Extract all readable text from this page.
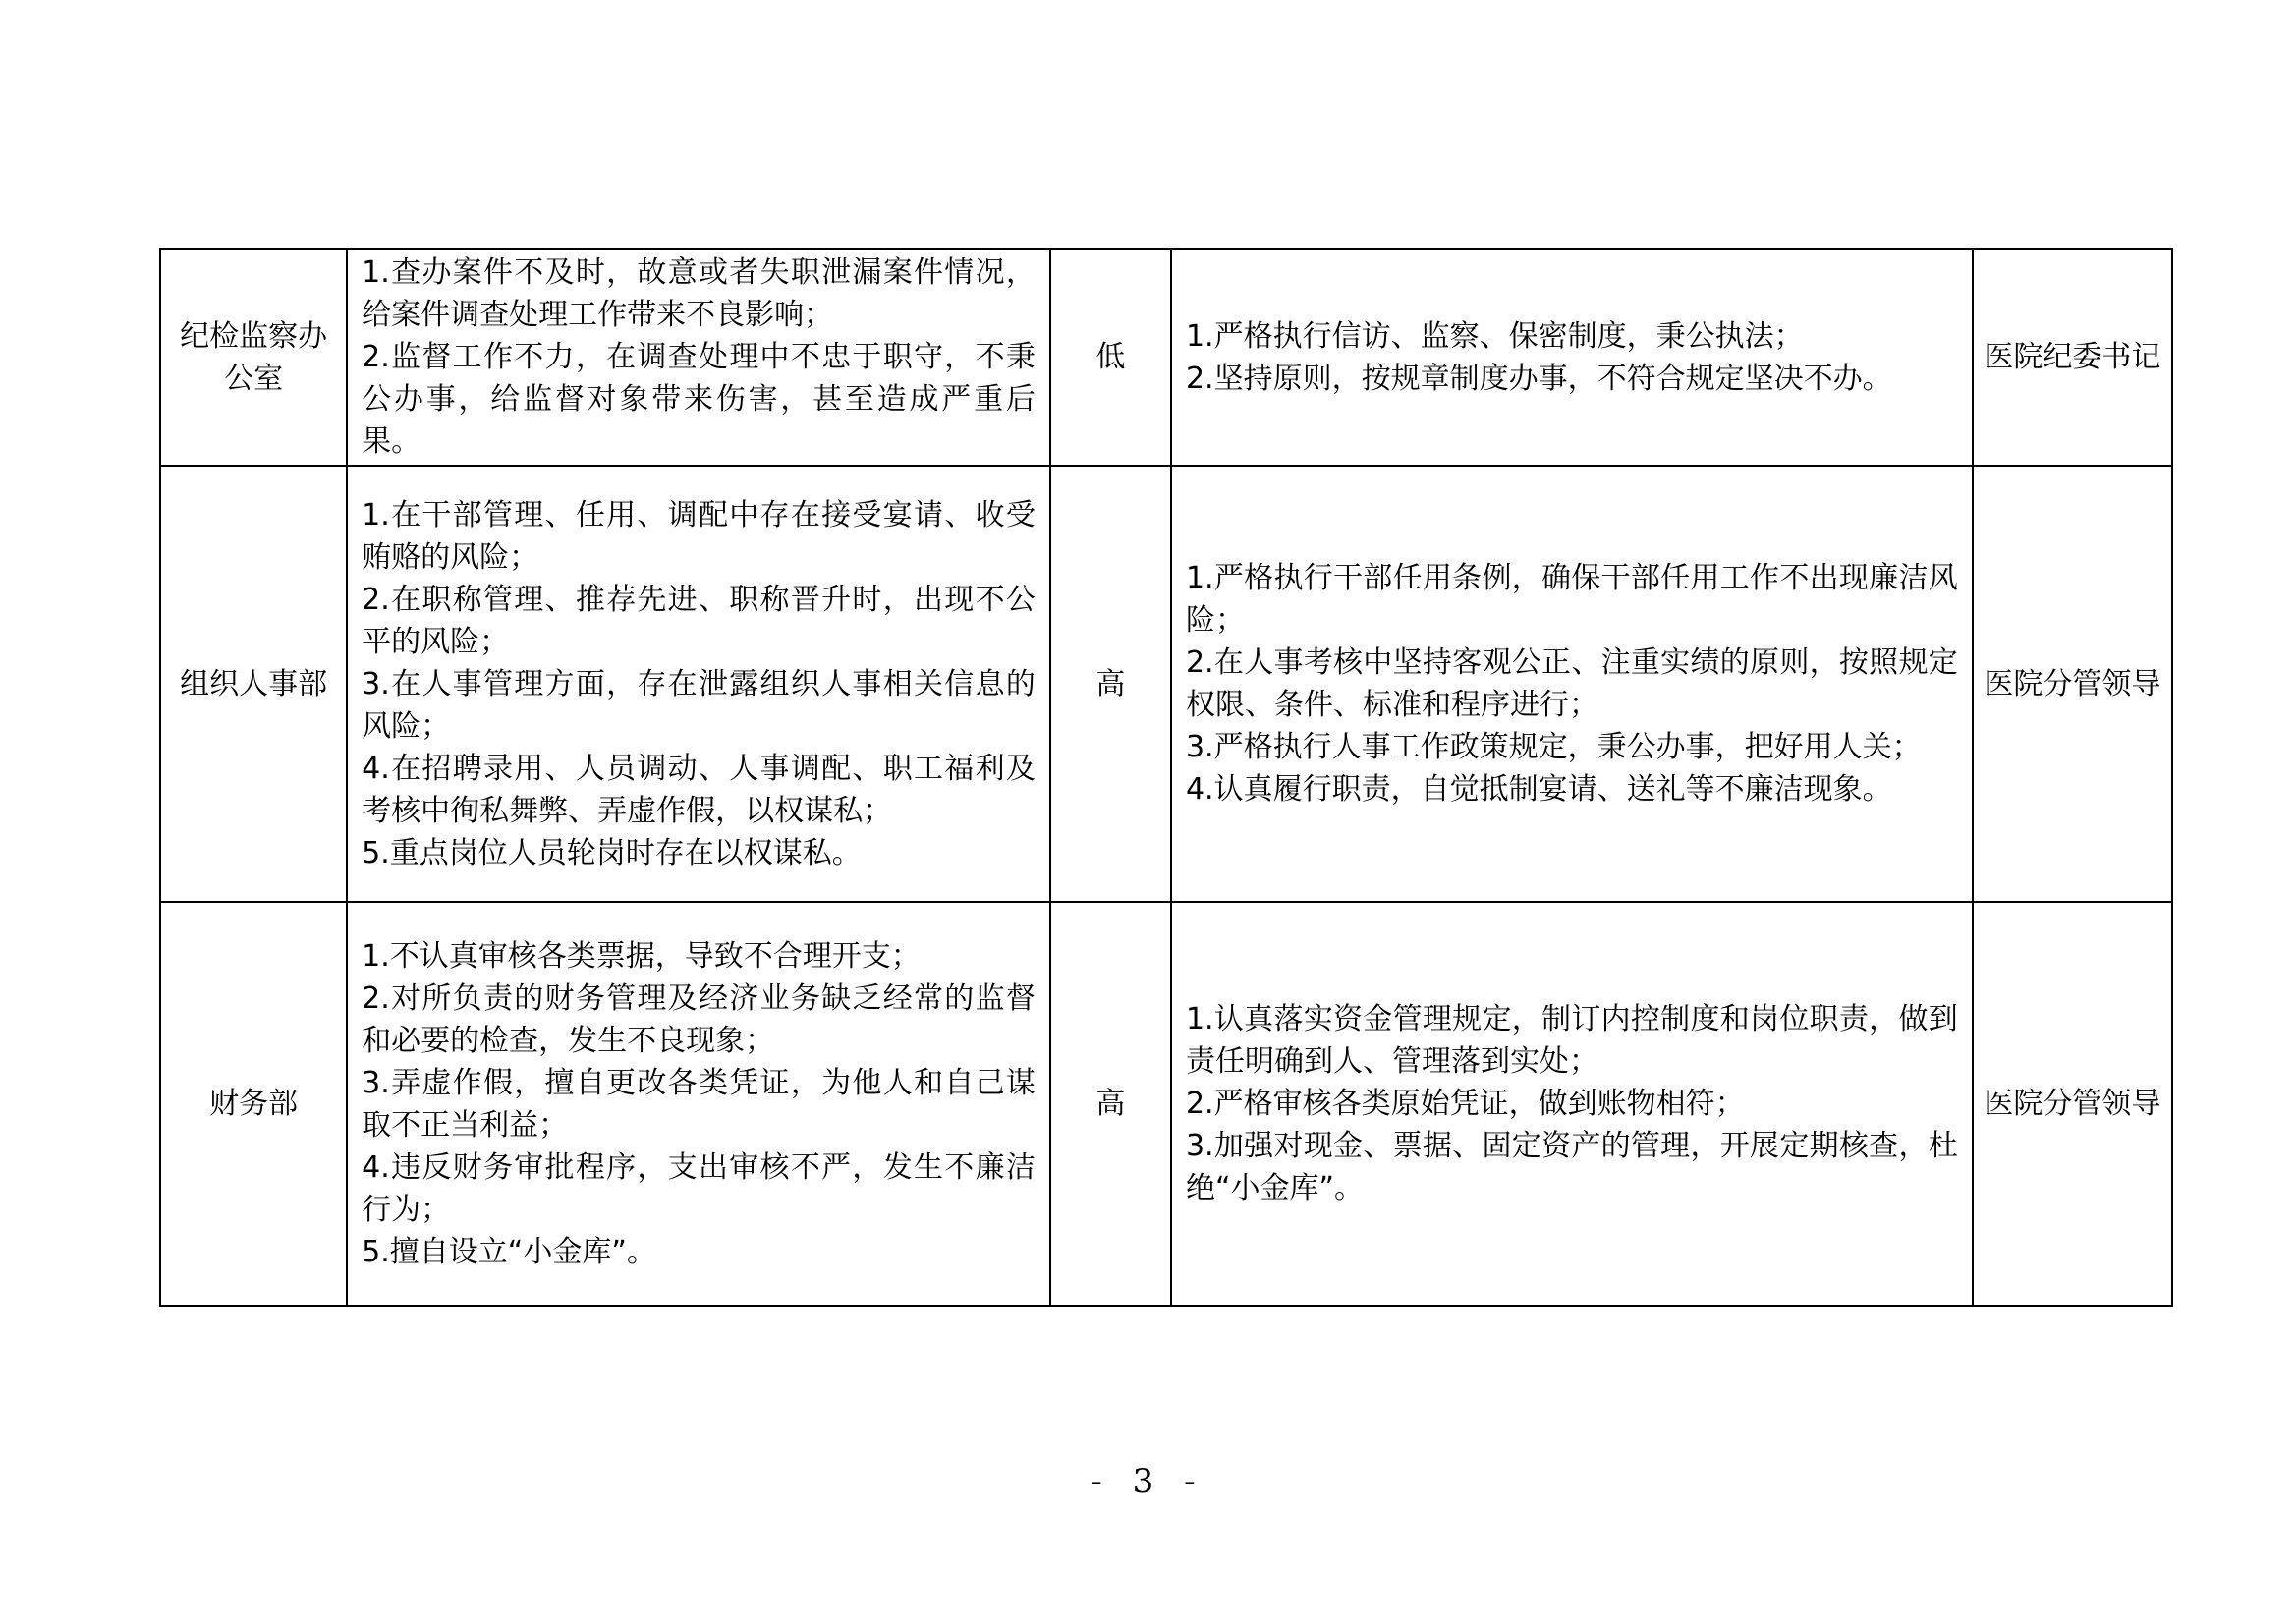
纪检监察办公室	1.查办案件不及时，故意或者失职泄漏案件情况，给案件调查处理工作带来不良影响；
2.监督工作不力，在调查处理中不忠于职守，不秉公办事，给监督对象带来伤害，甚至造成严重后果。	低	1.严格执行信访、监察、保密制度，秉公执法；
2.坚持原则，按规章制度办事，不符合规定坚决不办。	医院纪委书记
组织人事部	1.在干部管理、任用、调配中存在接受宴请、收受贿赂的风险；
2.在职称管理、推荐先进、职称晋升时，出现不公平的风险；
3.在人事管理方面，存在泄露组织人事相关信息的风险；
4.在招聘录用、人员调动、人事调配、职工福利及考核中徇私舞弊、弄虚作假，以权谋私；
5.重点岗位人员轮岗时存在以权谋私。	高	1.严格执行干部任用条例，确保干部任用工作不出现廉洁风险；
2.在人事考核中坚持客观公正、注重实绩的原则，按照规定权限、条件、标准和程序进行；
3.严格执行人事工作政策规定，秉公办事，把好用人关；
4.认真履行职责，自觉抵制宴请、送礼等不廉洁现象。	医院分管领导
财务部	1.不认真审核各类票据，导致不合理开支；
2.对所负责的财务管理及经济业务缺乏经常的监督和必要的检查，发生不良现象；
3.弄虚作假，擅自更改各类凭证，为他人和自己谋取不正当利益；
4.违反财务审批程序，支出审核不严，发生不廉洁行为；
5.擅自设立“小金库”。	高	1.认真落实资金管理规定，制订内控制度和岗位职责，做到责任明确到人、管理落到实处；
2.严格审核各类原始凭证，做到账物相符；
3.加强对现金、票据、固定资产的管理，开展定期核查，杜绝“小金库”。	医院分管领导
- 3 -
